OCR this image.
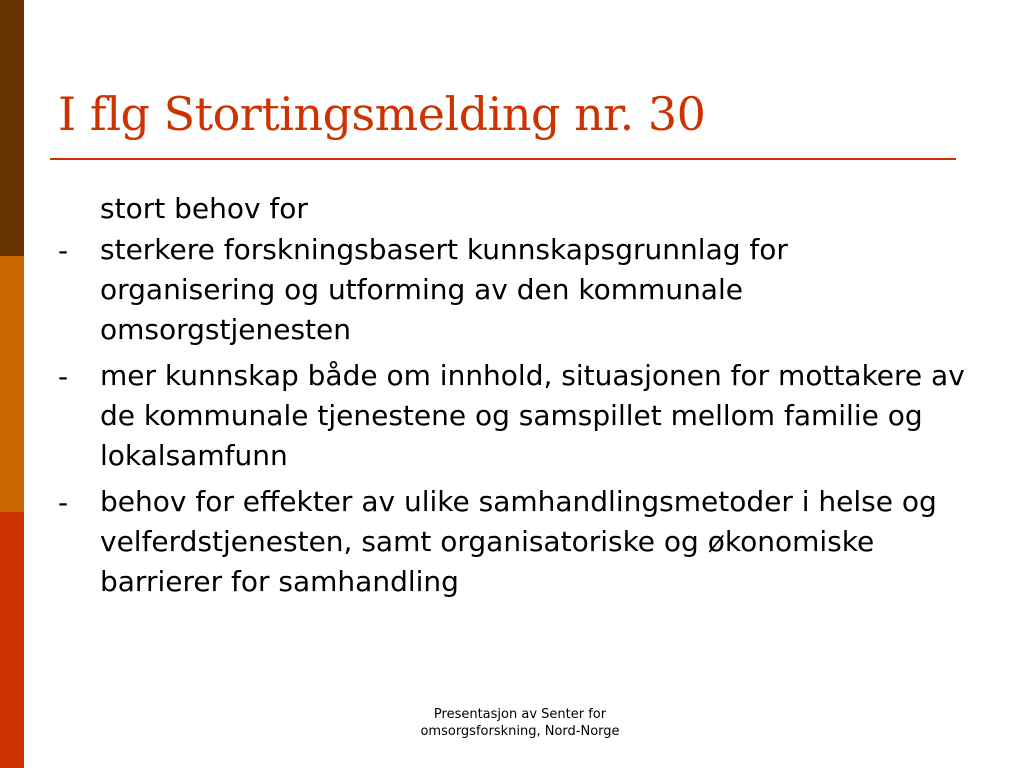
I flg Stortingsmelding nr. 30
stort behov for
-	sterkere forskningsbasert kunnskapsgrunnlag for organisering og utforming av den kommunale omsorgstjenesten
-	mer kunnskap både om innhold, situasjonen for mottakere av de kommunale tjenestene og samspillet mellom familie og lokalsamfunn
-	behov for effekter av ulike samhandlingsmetoder i helse og velferdstjenesten, samt organisatoriske og økonomiske barrierer for samhandling
Presentasjon av Senter for
omsorgsforskning, Nord-Norge
